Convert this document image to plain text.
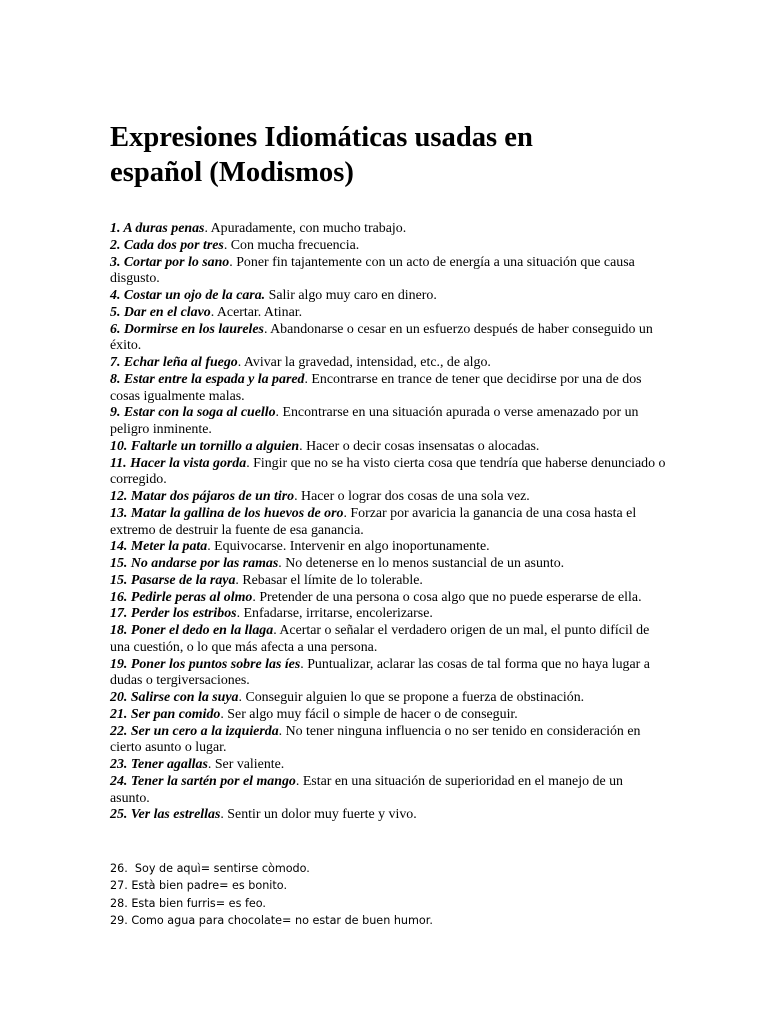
Expresiones Idiomáticas usadas en
español (Modismos)
1. A duras penas. Apuradamente, con mucho trabajo.
2. Cada dos por tres. Con mucha frecuencia.
3. Cortar por lo sano. Poner fin tajantemente con un acto de energía a una situación que causa disgusto.
4. Costar un ojo de la cara. Salir algo muy caro en dinero.
5. Dar en el clavo. Acertar. Atinar.
6. Dormirse en los laureles. Abandonarse o cesar en un esfuerzo después de haber conseguido un éxito.
7. Echar leña al fuego. Avivar la gravedad, intensidad, etc., de algo.
8. Estar entre la espada y la pared. Encontrarse en trance de tener que decidirse por una de dos cosas igualmente malas.
9. Estar con la soga al cuello. Encontrarse en una situación apurada o verse amenazado por un peligro inminente.
10. Faltarle un tornillo a alguien. Hacer o decir cosas insensatas o alocadas.
11. Hacer la vista gorda. Fingir que no se ha visto cierta cosa que tendría que haberse denunciado o corregido.
12. Matar dos pájaros de un tiro. Hacer o lograr dos cosas de una sola vez.
13. Matar la gallina de los huevos de oro. Forzar por avaricia la ganancia de una cosa hasta el extremo de destruir la fuente de esa ganancia.
14. Meter la pata. Equivocarse. Intervenir en algo inoportunamente.
15. No andarse por las ramas. No detenerse en lo menos sustancial de un asunto.
15. Pasarse de la raya. Rebasar el límite de lo tolerable.
16. Pedirle peras al olmo. Pretender de una persona o cosa algo que no puede esperarse de ella.
17. Perder los estribos. Enfadarse, irritarse, encolerizarse.
18. Poner el dedo en la llaga. Acertar o señalar el verdadero origen de un mal, el punto difícil de una cuestión, o lo que más afecta a una persona.
19. Poner los puntos sobre las íes. Puntualizar, aclarar las cosas de tal forma que no haya lugar a dudas o tergiversaciones.
20. Salirse con la suya. Conseguir alguien lo que se propone a fuerza de obstinación.
21. Ser pan comido. Ser algo muy fácil o simple de hacer o de conseguir.
22. Ser un cero a la izquierda. No tener ninguna influencia o no ser tenido en consideración en cierto asunto o lugar.
23. Tener agallas. Ser valiente.
24. Tener la sartén por el mango. Estar en una situación de superioridad en el manejo de un asunto.
25. Ver las estrellas. Sentir un dolor muy fuerte y vivo.
26.  Soy de aquì= sentirse còmodo.
27. Està bien padre= es bonito.
28. Esta bien furris= es feo.
29. Como agua para chocolate= no estar de buen humor.
